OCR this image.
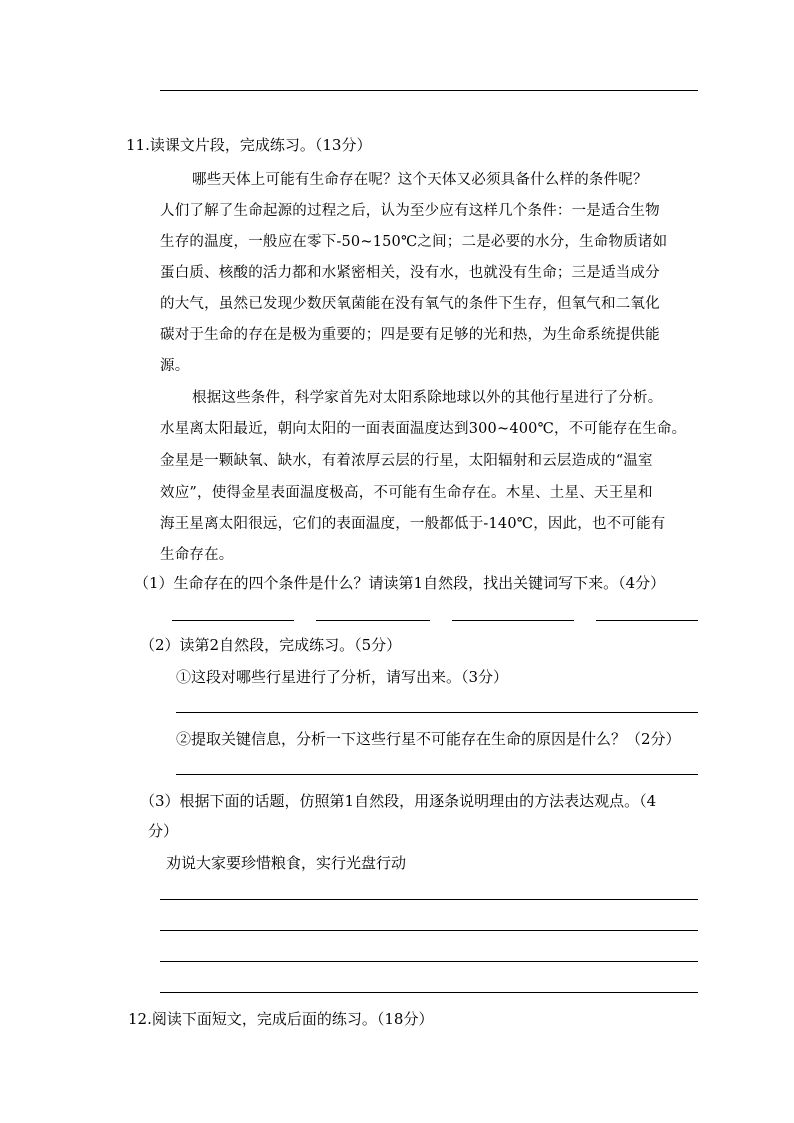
11.读课文片段，完成练习。（13分）
哪些天体上可能有生命存在呢？这个天体又必须具备什么样的条件呢？
人们了解了生命起源的过程之后，认为至少应有这样几个条件：一是适合生物
生存的温度，一般应在零下-50~150℃之间；二是必要的水分，生命物质诸如
蛋白质、核酸的活力都和水紧密相关，没有水，也就没有生命；三是适当成分
的大气，虽然已发现少数厌氧菌能在没有氧气的条件下生存，但氧气和二氧化
碳对于生命的存在是极为重要的；四是要有足够的光和热，为生命系统提供能
源。
根据这些条件，科学家首先对太阳系除地球以外的其他行星进行了分析。
水星离太阳最近，朝向太阳的一面表面温度达到300~400℃，不可能存在生命。
金星是一颗缺氧、缺水，有着浓厚云层的行星，太阳辐射和云层造成的“温室
效应”，使得金星表面温度极高，不可能有生命存在。木星、土星、天王星和
海王星离太阳很远，它们的表面温度，一般都低于-140℃，因此，也不可能有
生命存在。
（1）生命存在的四个条件是什么？请读第1自然段，找出关键词写下来。（4分）
（2）读第2自然段，完成练习。（5分）
①这段对哪些行星进行了分析，请写出来。（3分）
②提取关键信息，分析一下这些行星不可能存在生命的原因是什么？（2分）
（3）根据下面的话题，仿照第1自然段，用逐条说明理由的方法表达观点。（4
分）
劝说大家要珍惜粮食，实行光盘行动
12.阅读下面短文，完成后面的练习。（18分）
